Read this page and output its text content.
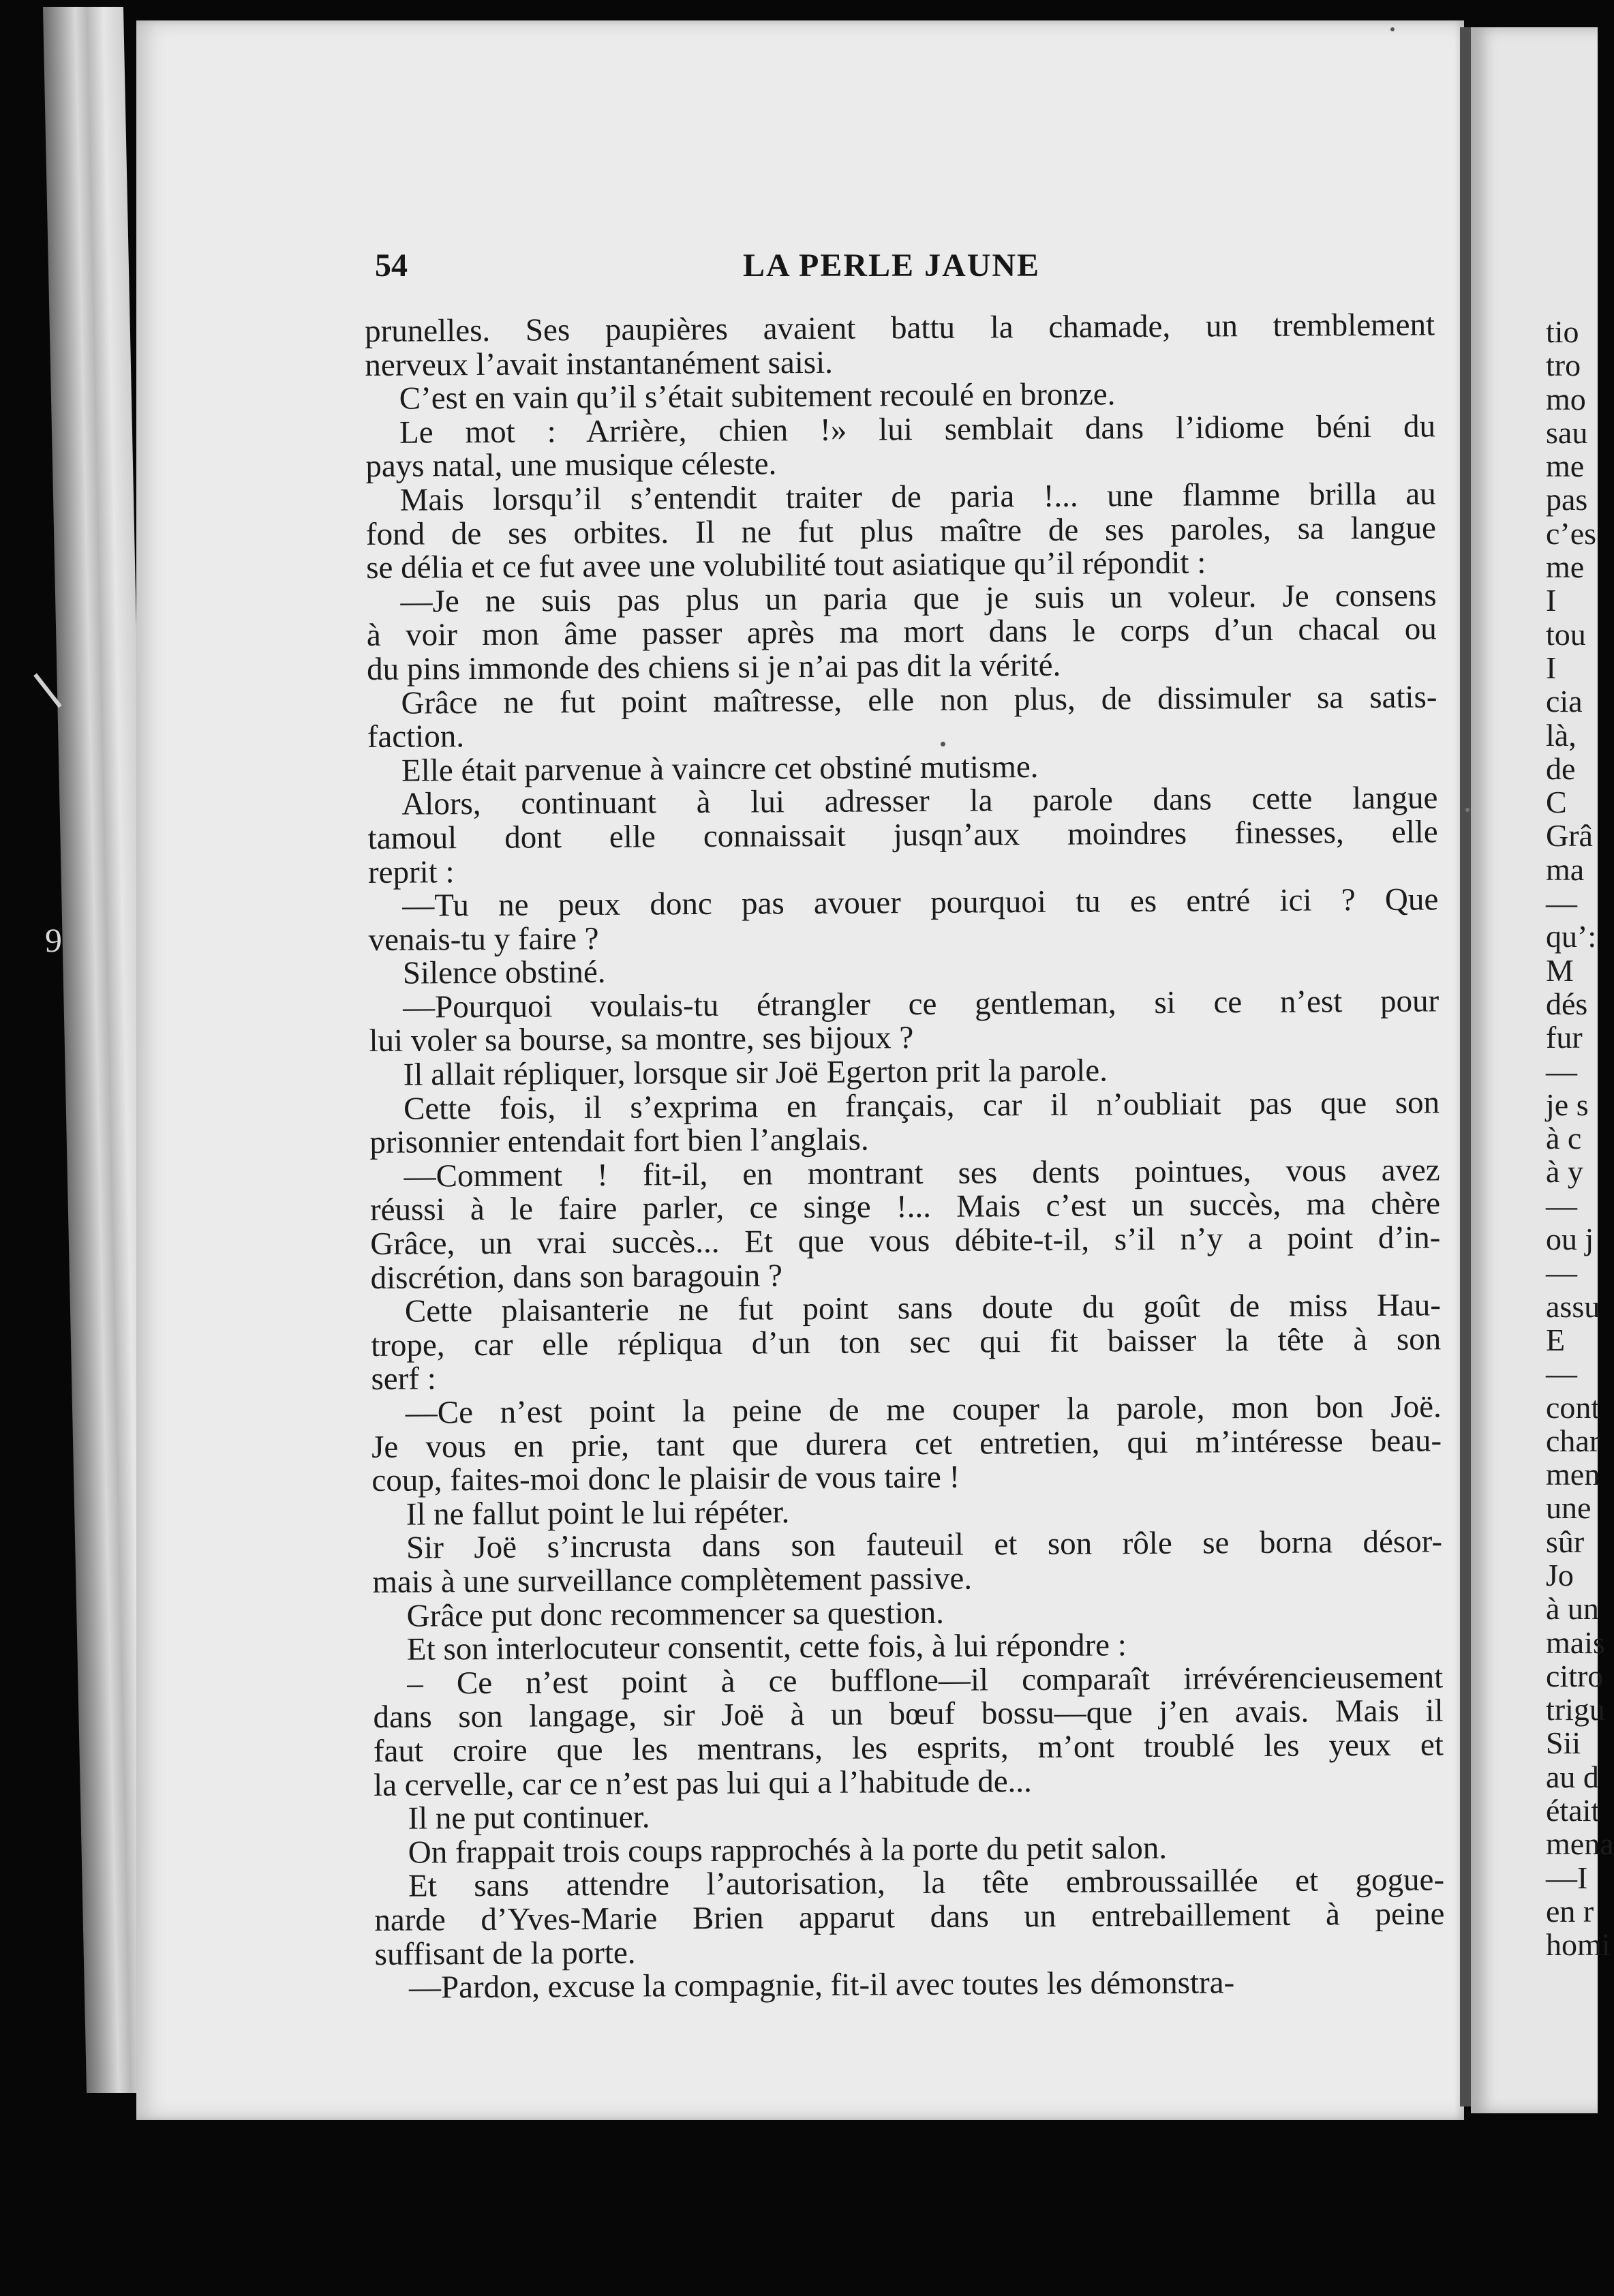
9
54	LA PERLE JAUNE
prunelles. Ses paupières avaient battu la chamade, un tremblement
nerveux l’avait instantanément saisi.
C’est en vain qu’il s’était subitement recoulé en bronze.
Le mot : Arrière, chien !» lui semblait dans l’idiome béni du
pays natal, une musique céleste.
Mais lorsqu’il s’entendit traiter de paria !... une flamme brilla au
fond de ses orbites. Il ne fut plus maître de ses paroles, sa langue
se délia et ce fut avee une volubilité tout asiatique qu’il répondit :
—Je ne suis pas plus un paria que je suis un voleur. Je consens
à voir mon âme passer après ma mort dans le corps d’un chacal ou
du pins immonde des chiens si je n’ai pas dit la vérité.
Grâce ne fut point maîtresse, elle non plus, de dissimuler sa satis-
faction.
Elle était parvenue à vaincre cet obstiné mutisme.
Alors, continuant à lui adresser la parole dans cette langue
tamoul dont elle connaissait jusqn’aux moindres finesses, elle
reprit :
—Tu ne peux donc pas avouer pourquoi tu es entré ici ? Que
venais-tu y faire ?
Silence obstiné.
—Pourquoi voulais-tu étrangler ce gentleman, si ce n’est pour
lui voler sa bourse, sa montre, ses bijoux ?
Il allait répliquer, lorsque sir Joë Egerton prit la parole.
Cette fois, il s’exprima en français, car il n’oubliait pas que son
prisonnier entendait fort bien l’anglais.
—Comment ! fit-il, en montrant ses dents pointues, vous avez
réussi à le faire parler, ce singe !... Mais c’est un succès, ma chère
Grâce, un vrai succès... Et que vous débite-t-il, s’il n’y a point d’in-
discrétion, dans son baragouin ?
Cette plaisanterie ne fut point sans doute du goût de miss Hau-
trope, car elle répliqua d’un ton sec qui fit baisser la tête à son
serf :
—Ce n’est point la peine de me couper la parole, mon bon Joë.
Je vous en prie, tant que durera cet entretien, qui m’intéresse beau-
coup, faites-moi donc le plaisir de vous taire !
Il ne fallut point le lui répéter.
Sir Joë s’incrusta dans son fauteuil et son rôle se borna désor-
mais à une surveillance complètement passive.
Grâce put donc recommencer sa question.
Et son interlocuteur consentit, cette fois, à lui répondre :
– Ce n’est point à ce bufflone—il comparaît irrévérencieusement
dans son langage, sir Joë à un bœuf bossu—que j’en avais. Mais il
faut croire que les mentrans, les esprits, m’ont troublé les yeux et
la cervelle, car ce n’est pas lui qui a l’habitude de...
Il ne put continuer.
On frappait trois coups rapprochés à la porte du petit salon.
Et sans attendre l’autorisation, la tête embroussaillée et gogue-
narde d’Yves-Marie Brien apparut dans un entrebaillement à peine
suffisant de la porte.
—Pardon, excuse la compagnie, fit-il avec toutes les démonstra-
tio
tro
mo
sau
me
pas
c’es
me
I
tou
I
cia
là,
de
C
Grâ
ma
—
qu’:
M
dés
fur
—
je s
à c
à y
—
ou j
—
assu
E
—
cont
char
men
une
sûr
Jo
à un
mais
citro
trigu
Sii
au d
était
mena
—I
en r
homi
